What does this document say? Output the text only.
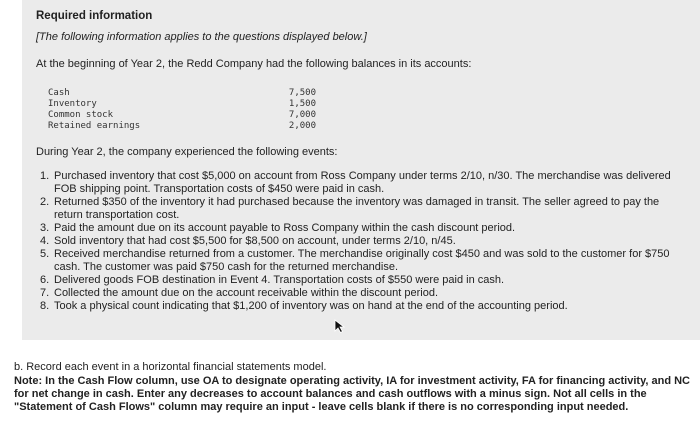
Required information
[The following information applies to the questions displayed below.]
At the beginning of Year 2, the Redd Company had the following balances in its accounts:
Cash	7,500
Inventory	1,500
Common stock	7,000
Retained earnings	2,000
During Year 2, the company experienced the following events:
1. Purchased inventory that cost $5,000 on account from Ross Company under terms 2/10, n/30. The merchandise was delivered FOB shipping point. Transportation costs of $450 were paid in cash.
2. Returned $350 of the inventory it had purchased because the inventory was damaged in transit. The seller agreed to pay the return transportation cost.
3. Paid the amount due on its account payable to Ross Company within the cash discount period.
4. Sold inventory that had cost $5,500 for $8,500 on account, under terms 2/10, n/45.
5. Received merchandise returned from a customer. The merchandise originally cost $450 and was sold to the customer for $750 cash. The customer was paid $750 cash for the returned merchandise.
6. Delivered goods FOB destination in Event 4. Transportation costs of $550 were paid in cash.
7. Collected the amount due on the account receivable within the discount period.
8. Took a physical count indicating that $1,200 of inventory was on hand at the end of the accounting period.

b. Record each event in a horizontal financial statements model.

Note: In the Cash Flow column, use OA to designate operating activity, IA for investment activity, FA for financing activity, and NC for net change in cash. Enter any decreases to account balances and cash outflows with a minus sign. Not all cells in the "Statement of Cash Flows" column may require an input - leave cells blank if there is no corresponding input needed.
